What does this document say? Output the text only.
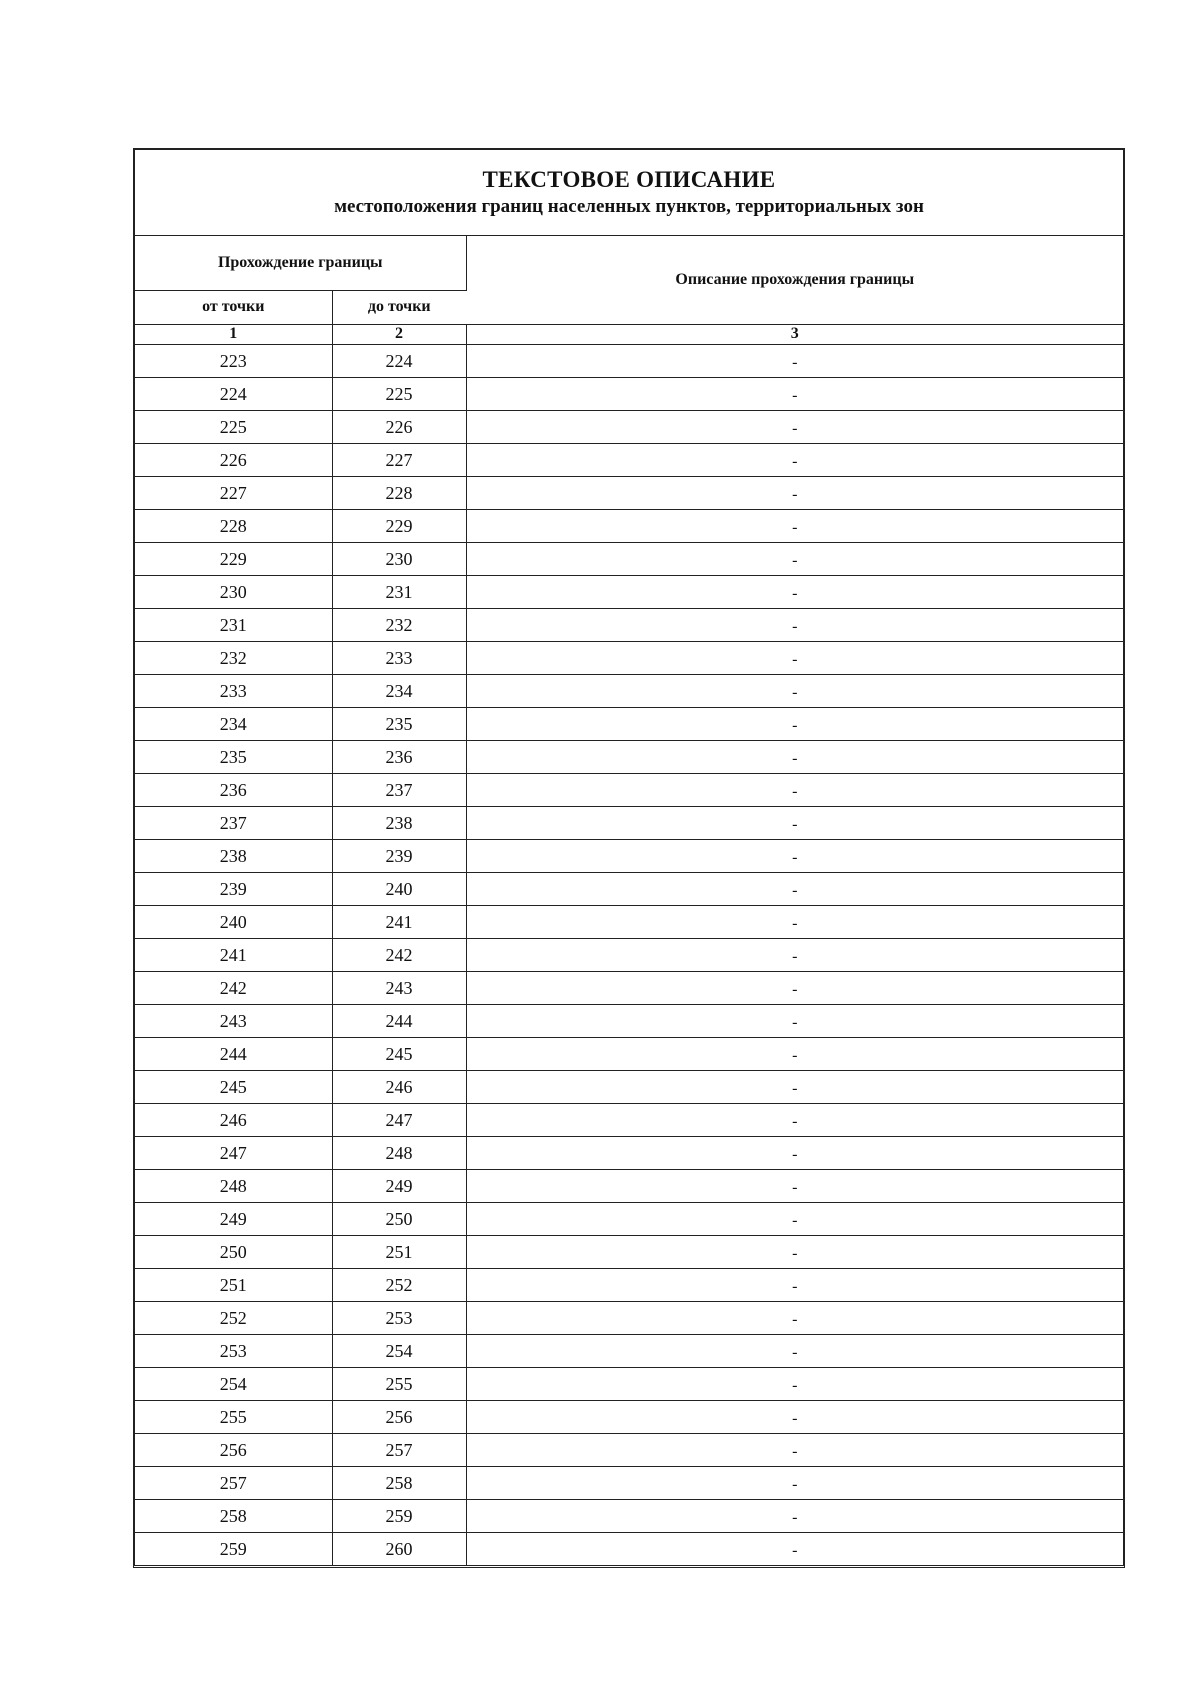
ТЕКСТОВОЕ ОПИСАНИЕ
местоположения границ населенных пунктов, территориальных зон
Прохождение границы		Описание прохождения границы
от точки	до точки	
1	2	3
223	224	-
224	225	-
225	226	-
226	227	-
227	228	-
228	229	-
229	230	-
230	231	-
231	232	-
232	233	-
233	234	-
234	235	-
235	236	-
236	237	-
237	238	-
238	239	-
239	240	-
240	241	-
241	242	-
242	243	-
243	244	-
244	245	-
245	246	-
246	247	-
247	248	-
248	249	-
249	250	-
250	251	-
251	252	-
252	253	-
253	254	-
254	255	-
255	256	-
256	257	-
257	258	-
258	259	-
259	260	-
